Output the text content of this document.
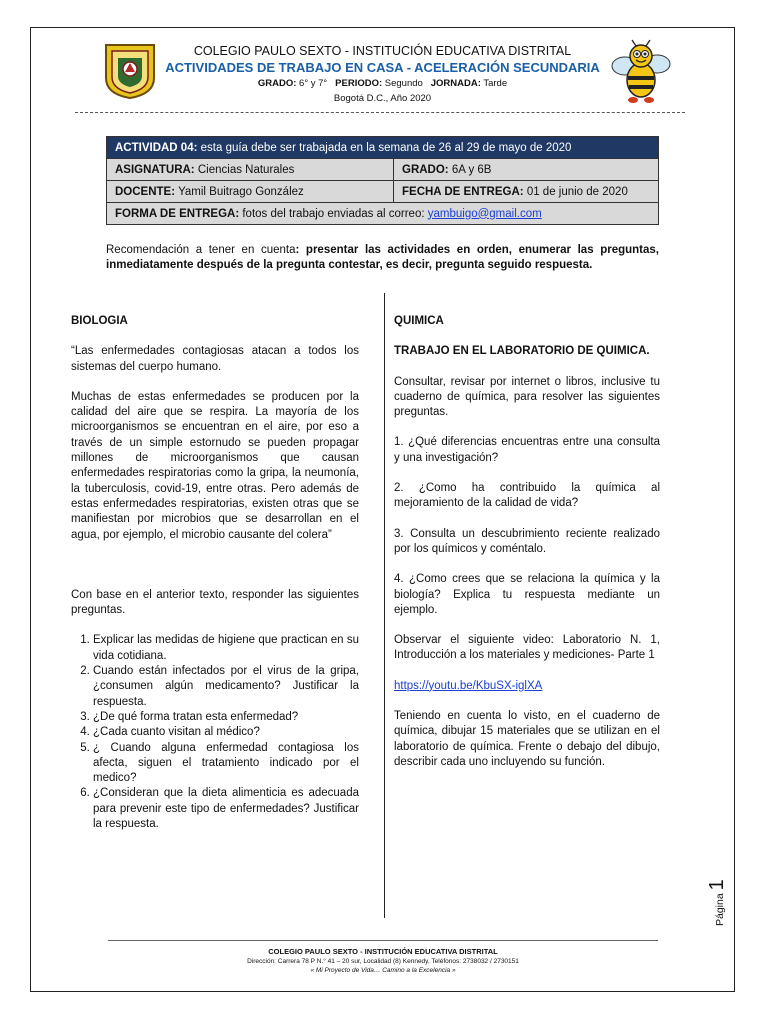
COLEGIO PAULO SEXTO - INSTITUCIÓN EDUCATIVA DISTRITAL
ACTIVIDADES DE TRABAJO EN CASA - ACELERACIÓN SECUNDARIA
GRADO: 6° y 7° PERIODO: Segundo JORNADA: Tarde
Bogotá D.C., Año 2020
ACTIVIDAD 04: esta guía debe ser trabajada en la semana de 26 al 29 de mayo de 2020	
ASIGNATURA: Ciencias Naturales	GRADO: 6A y 6B
DOCENTE: Yamil Buitrago González	FECHA DE ENTREGA: 01 de junio de 2020
FORMA DE ENTREGA: fotos del trabajo enviadas al correo: yambuigo@gmail.com	
Recomendación a tener en cuenta: presentar las actividades en orden, enumerar las preguntas, inmediatamente después de la pregunta contestar, es decir, pregunta seguido respuesta.

BIOLOGIA

“Las enfermedades contagiosas atacan a todos los sistemas del cuerpo humano.

Muchas de estas enfermedades se producen por la calidad del aire que se respira. La mayoría de los microorganismos se encuentran en el aire, por eso a través de un simple estornudo se pueden propagar millones de microorganismos que causan enfermedades respiratorias como la gripa, la neumonía, la tuberculosis, covid-19, entre otras. Pero además de estas enfermedades respiratorias, existen otras que se manifiestan por microbios que se desarrollan en el agua, por ejemplo, el microbio causante del colera”

Con base en el anterior texto, responder las siguientes preguntas.

1. Explicar las medidas de higiene que practican en su vida cotidiana.
2. Cuando están infectados por el virus de la gripa, ¿consumen algún medicamento? Justificar la respuesta.
3. ¿De qué forma tratan esta enfermedad?
4. ¿Cada cuanto visitan al médico?
5. ¿ Cuando alguna enfermedad contagiosa los afecta, siguen el tratamiento indicado por el medico?
6. ¿Consideran que la dieta alimenticia es adecuada para prevenir este tipo de enfermedades? Justificar la respuesta.

QUIMICA

TRABAJO EN EL LABORATORIO DE QUIMICA.

Consultar, revisar por internet o libros, inclusive tu cuaderno de química, para resolver las siguientes preguntas.

1. ¿Qué diferencias encuentras entre una consulta y una investigación?

2. ¿Como ha contribuido la química al mejoramiento de la calidad de vida?

3. Consulta un descubrimiento reciente realizado por los químicos y coméntalo.

4. ¿Como crees que se relaciona la química y la biología? Explica tu respuesta mediante un ejemplo.

Observar el siguiente video: Laboratorio N. 1, Introducción a los materiales y mediciones- Parte 1

https://youtu.be/KbuSX-iglXA

Teniendo en cuenta lo visto, en el cuaderno de química, dibujar 15 materiales que se utilizan en el laboratorio de química. Frente o debajo del dibujo, describir cada uno incluyendo su función.

Página 1
COLEGIO PAULO SEXTO - INSTITUCIÓN EDUCATIVA DISTRITAL
Dirección: Carrera 78 P N.° 41 – 20 sur, Localidad (8) Kennedy, Teléfonos: 2738032 / 2730151
« Mi Proyecto de Vida… Camino a la Excelencia »
